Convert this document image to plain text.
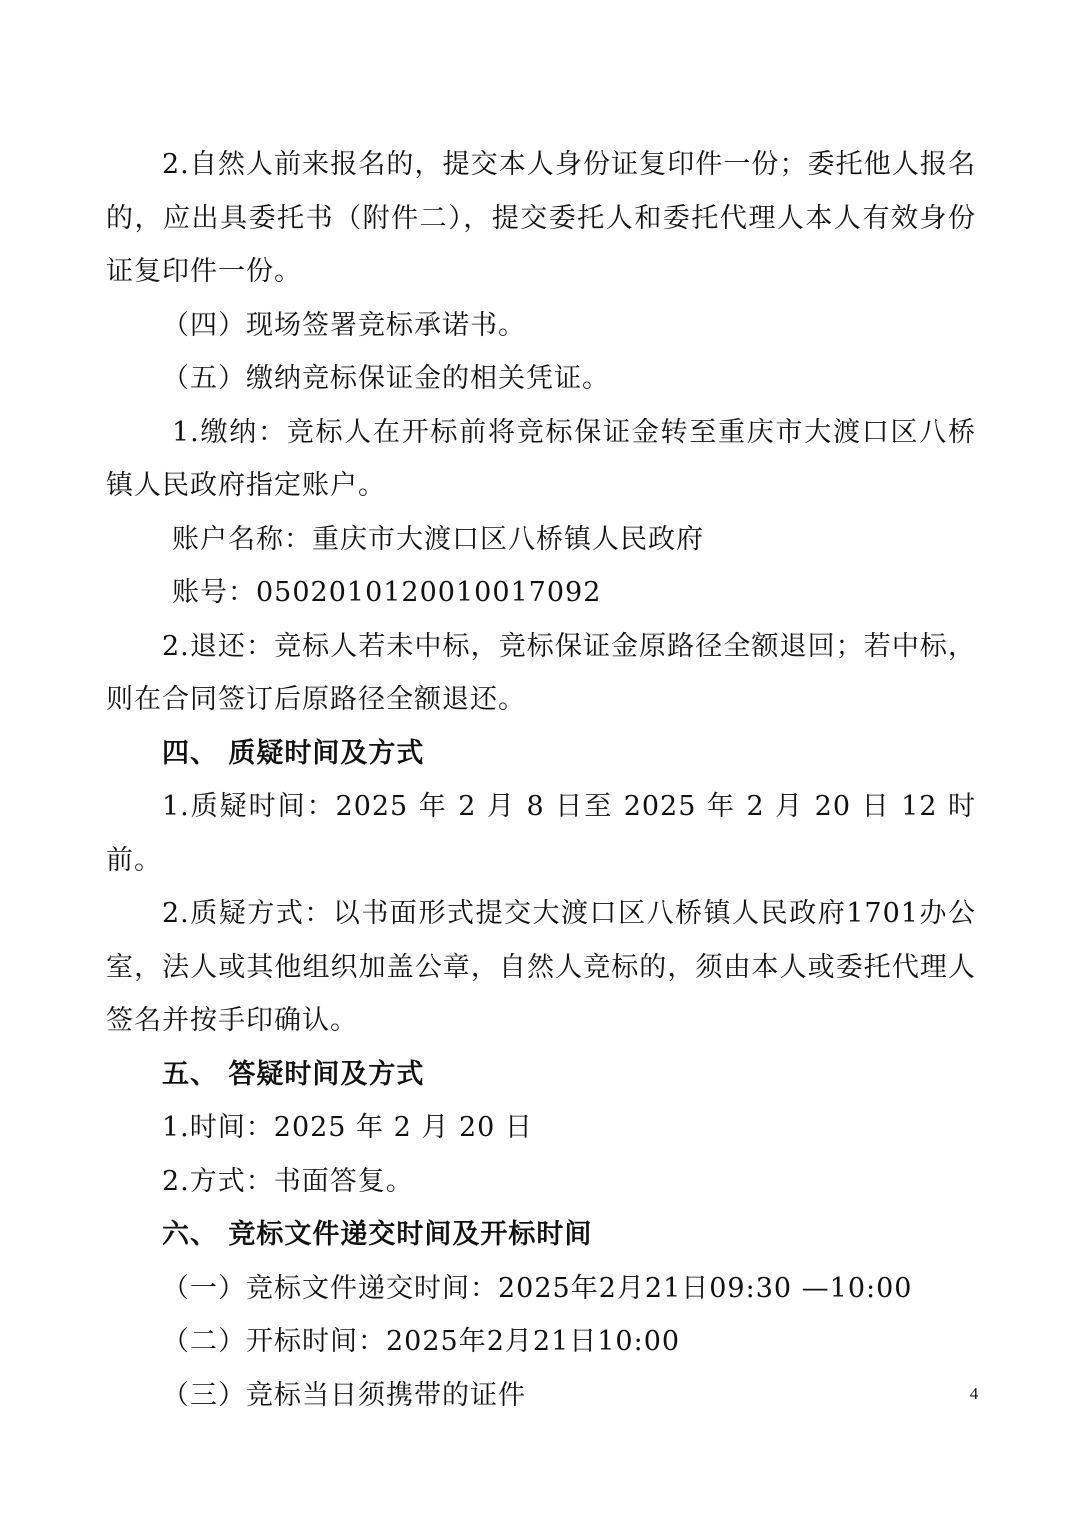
2.自然人前来报名的，提交本人身份证复印件一份；委托他人报名的，应出具委托书（附件二），提交委托人和委托代理人本人有效身份证复印件一份。

（四）现场签署竞标承诺书。

（五）缴纳竞标保证金的相关凭证。

1.缴纳：竞标人在开标前将竞标保证金转至重庆市大渡口区八桥镇人民政府指定账户。

账户名称：重庆市大渡口区八桥镇人民政府

账号：0502010120010017092

2.退还：竞标人若未中标，竞标保证金原路径全额退回；若中标，则在合同签订后原路径全额退还。

四、 质疑时间及方式

1.质疑时间：2025 年 2 月 8 日至 2025 年 2 月 20 日 12 时前。

2.质疑方式：以书面形式提交大渡口区八桥镇人民政府1701办公室，法人或其他组织加盖公章，自然人竞标的，须由本人或委托代理人签名并按手印确认。

五、 答疑时间及方式

1.时间：2025 年 2 月 20 日

2.方式：书面答复。

六、 竞标文件递交时间及开标时间

（一）竞标文件递交时间：2025年2月21日09:30 —10:00

（二）开标时间：2025年2月21日10:00

（三）竞标当日须携带的证件	4
